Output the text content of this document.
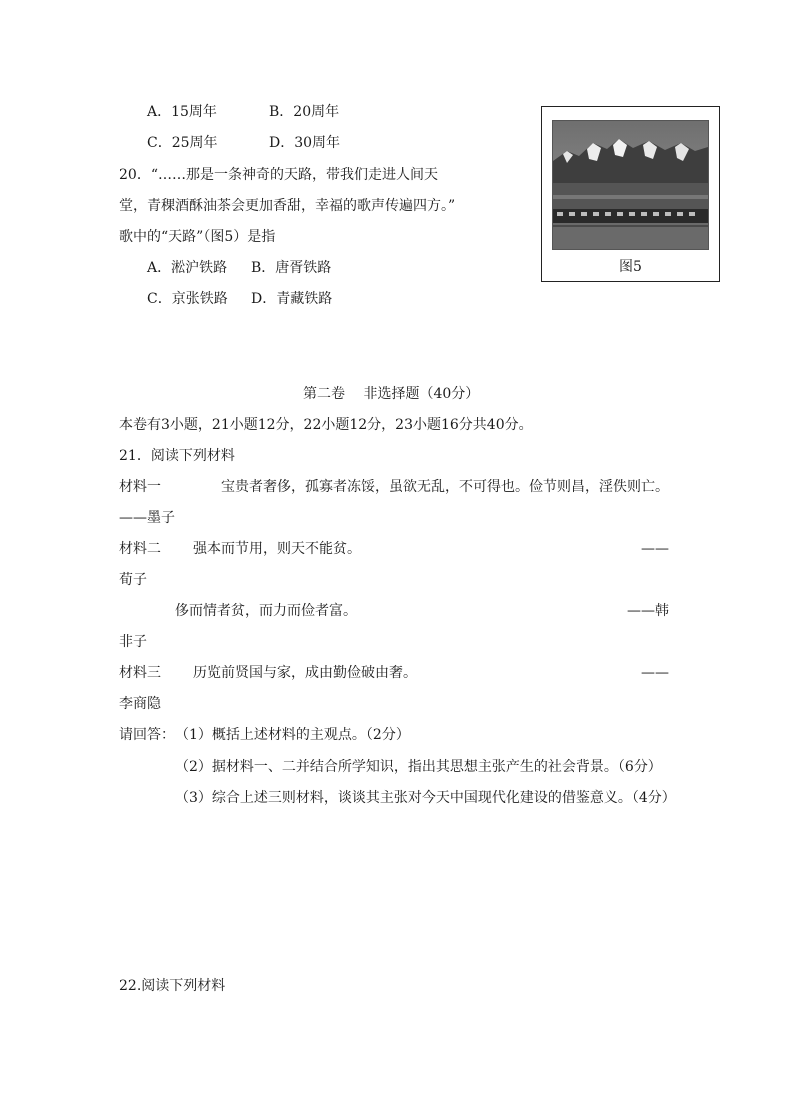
A．15周年	B．20周年
C．25周年	D．30周年
20．“……那是一条神奇的天路，带我们走进人间天
堂，青稞酒酥油茶会更加香甜，幸福的歌声传遍四方。”
歌中的“天路”（图5）是指
A．淞沪铁路 B．唐胥铁路
C．京张铁路 D．青藏铁路
图5
第二卷　 非选择题（40分）
本卷有3小题，21小题12分，22小题12分，23小题16分共40分。
21．阅读下列材料
材料一	宝贵者奢侈，孤寡者冻馁，虽欲无乱，不可得也。俭节则昌，淫佚则亡。
——墨子
材料二 强本而节用，则天不能贫。	——
荀子
侈而情者贫，而力而俭者富。	——韩
非子
材料三 历览前贤国与家，成由勤俭破由奢。	——
李商隐
请回答： （1）概括上述材料的主观点。（2分）
（2）据材料一、二并结合所学知识，指出其思想主张产生的社会背景。（6分）
（3）综合上述三则材料，谈谈其主张对今天中国现代化建设的借鉴意义。（4分）
22.阅读下列材料
